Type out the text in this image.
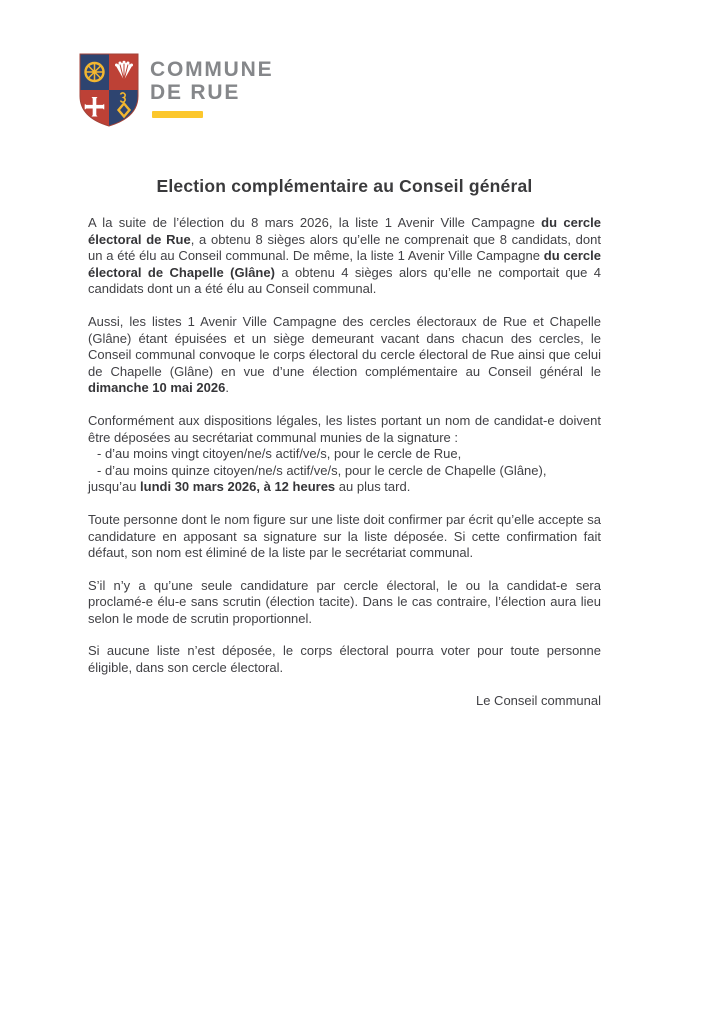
COMMUNE
DE RUE
Election complémentaire au Conseil général

A la suite de l’élection du 8 mars 2026, la liste 1 Avenir Ville Campagne du cercle électoral de Rue, a obtenu 8 sièges alors qu’elle ne comprenait que 8 candidats, dont un a été élu au Conseil communal. De même, la liste 1 Avenir Ville Campagne du cercle électoral de Chapelle (Glâne) a obtenu 4 sièges alors qu’elle ne comportait que 4 candidats dont un a été élu au Conseil communal.

Aussi, les listes 1 Avenir Ville Campagne des cercles électoraux de Rue et Chapelle (Glâne) étant épuisées et un siège demeurant vacant dans chacun des cercles, le Conseil communal convoque le corps électoral du cercle électoral de Rue ainsi que celui de Chapelle (Glâne) en vue d’une élection complémentaire au Conseil général le dimanche 10 mai 2026.

Conformément aux dispositions légales, les listes portant un nom de candidat-e doivent être déposées au secrétariat communal munies de la signature :
- d’au moins vingt citoyen/ne/s actif/ve/s, pour le cercle de Rue,
- d’au moins quinze citoyen/ne/s actif/ve/s, pour le cercle de Chapelle (Glâne),
jusqu’au lundi 30 mars 2026, à 12 heures au plus tard.

Toute personne dont le nom figure sur une liste doit confirmer par écrit qu’elle accepte sa candidature en apposant sa signature sur la liste déposée. Si cette confirmation fait défaut, son nom est éliminé de la liste par le secrétariat communal.

S’il n’y a qu’une seule candidature par cercle électoral, le ou la candidat-e sera proclamé-e élu-e sans scrutin (élection tacite). Dans le cas contraire, l’élection aura lieu selon le mode de scrutin proportionnel.

Si aucune liste n’est déposée, le corps électoral pourra voter pour toute personne éligible, dans son cercle électoral.

Le Conseil communal
